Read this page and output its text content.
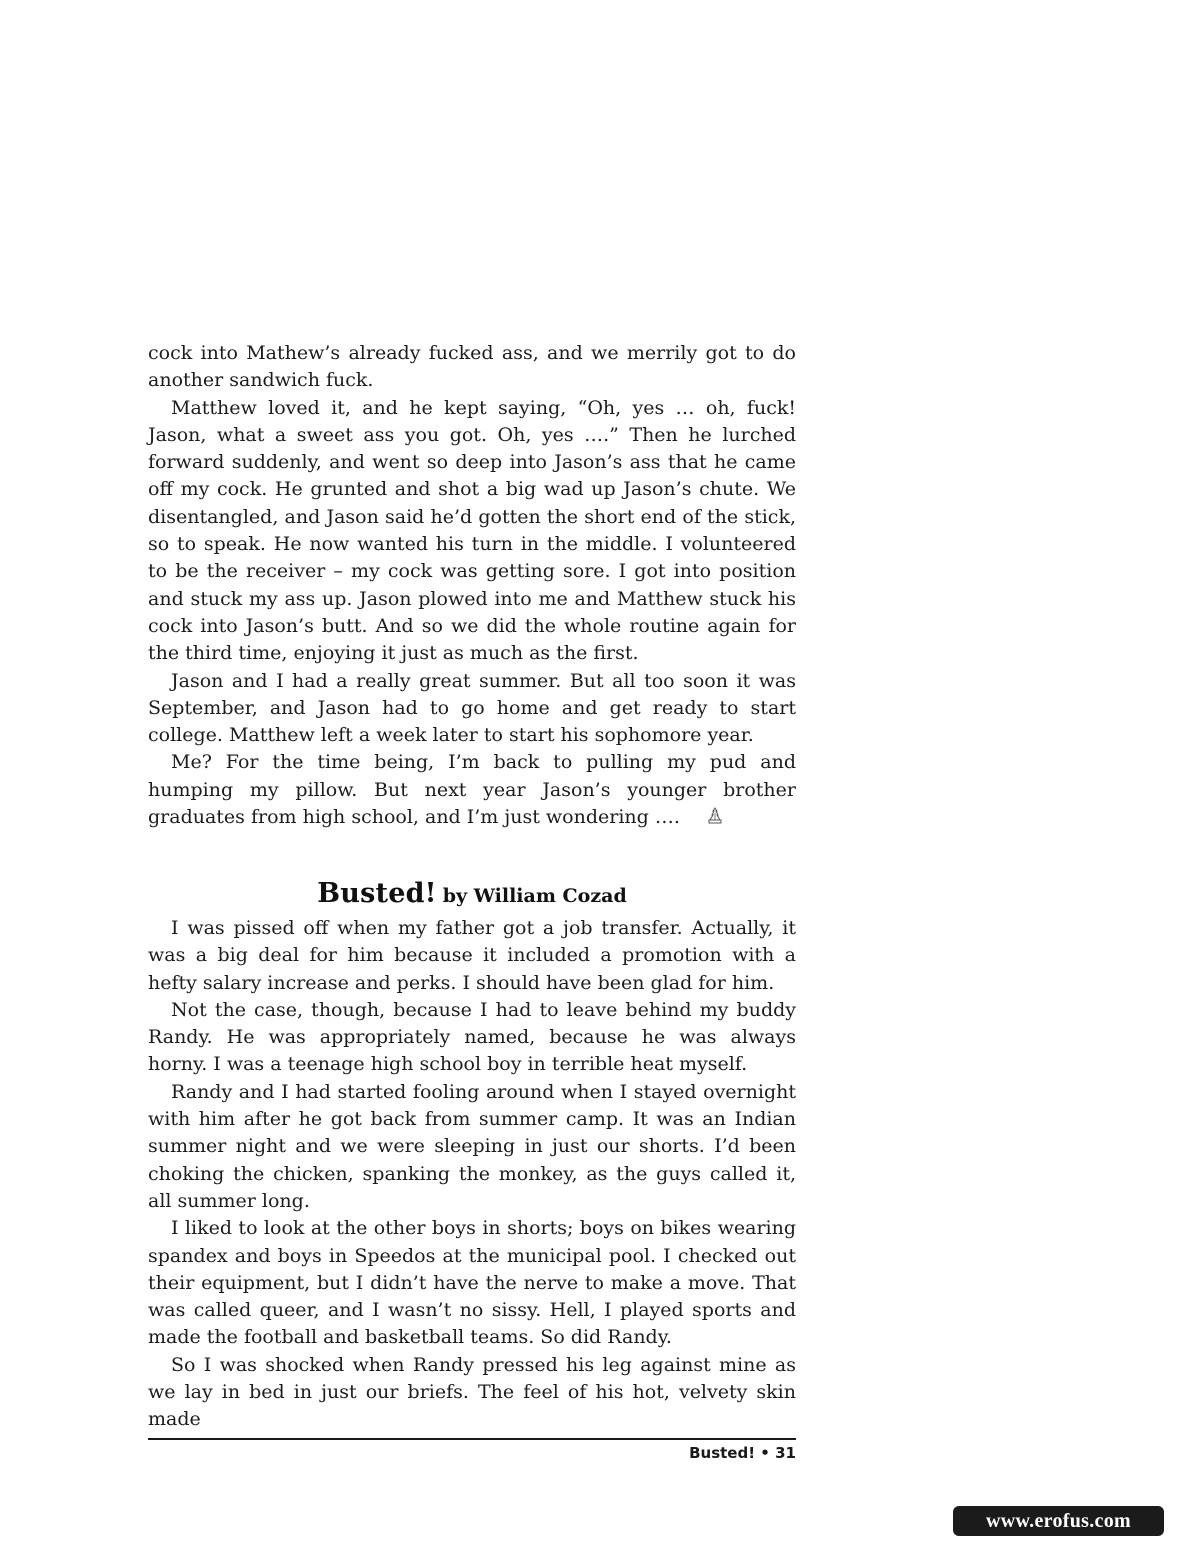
cock into Mathew’s already fucked ass, and we merrily got to do another sandwich fuck.

Matthew loved it, and he kept saying, “Oh, yes … oh, fuck! Jason, what a sweet ass you got. Oh, yes ….” Then he lurched forward suddenly, and went so deep into Jason’s ass that he came off my cock. He grunted and shot a big wad up Jason’s chute. We disentangled, and Jason said he’d gotten the short end of the stick, so to speak. He now wanted his turn in the middle. I volunteered to be the receiver – my cock was getting sore. I got into position and stuck my ass up. Jason plowed into me and Matthew stuck his cock into Jason’s butt. And so we did the whole routine again for the third time, enjoying it just as much as the first.

Jason and I had a really great summer. But all too soon it was September, and Jason had to go home and get ready to start college. Matthew left a week later to start his sophomore year.

Me? For the time being, I’m back to pulling my pud and humping my pillow. But next year Jason’s younger brother graduates from high school, and I’m just wondering ….

Busted! by William Cozad

I was pissed off when my father got a job transfer. Actually, it was a big deal for him because it included a promotion with a hefty salary increase and perks. I should have been glad for him.

Not the case, though, because I had to leave behind my buddy Randy. He was appropriately named, because he was always horny. I was a teenage high school boy in terrible heat myself.

Randy and I had started fooling around when I stayed overnight with him after he got back from summer camp. It was an Indian summer night and we were sleeping in just our shorts. I’d been choking the chicken, spanking the monkey, as the guys called it, all summer long.

I liked to look at the other boys in shorts; boys on bikes wearing spandex and boys in Speedos at the municipal pool. I checked out their equipment, but I didn’t have the nerve to make a move. That was called queer, and I wasn’t no sissy. Hell, I played sports and made the football and basketball teams. So did Randy.

So I was shocked when Randy pressed his leg against mine as we lay in bed in just our briefs. The feel of his hot, velvety skin made

Busted! • 31
www.erofus.com
